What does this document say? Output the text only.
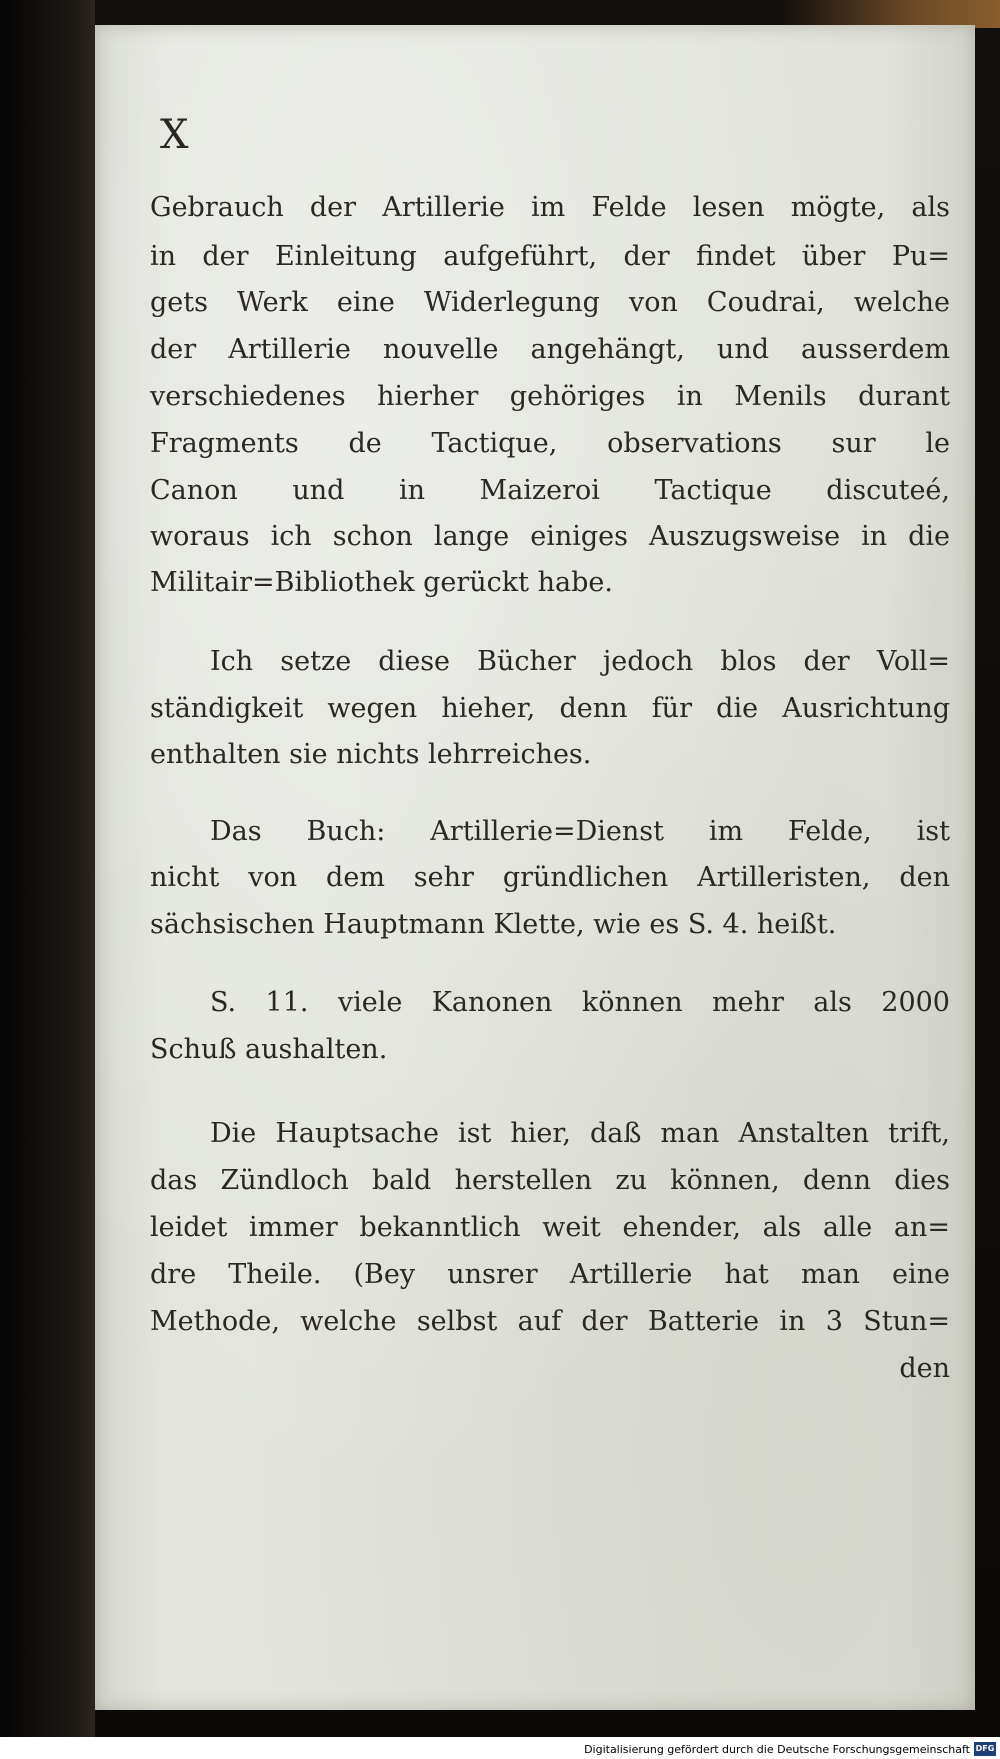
X

Gebrauch der Artillerie im Felde lesen mögte, als

in der Einleitung aufgeführt, der findet über Pu=

gets Werk eine Widerlegung von Coudrai, welche

der Artillerie nouvelle angehängt, und ausserdem

verschiedenes hierher gehöriges in Menils durant

Fragments de Tactique, observations sur le

Canon und in Maizeroi Tactique discuteé,

woraus ich schon lange einiges Auszugsweise in die

Militair=Bibliothek gerückt habe.

Ich setze diese Bücher jedoch blos der Voll=

ständigkeit wegen hieher, denn für die Ausrichtung

enthalten sie nichts lehrreiches.

Das Buch: Artillerie=Dienst im Felde, ist

nicht von dem sehr gründlichen Artilleristen, den

sächsischen Hauptmann Klette, wie es S. 4. heißt.

S. 11. viele Kanonen können mehr als 2000

Schuß aushalten.

Die Hauptsache ist hier, daß man Anstalten trift,

das Zündloch bald herstellen zu können, denn dies

leidet immer bekanntlich weit ehender, als alle an=

dre Theile. (Bey unsrer Artillerie hat man eine

Methode, welche selbst auf der Batterie in 3 Stun=

den

Digitalisierung gefördert durch die Deutsche Forschungsgemeinschaft DFG
